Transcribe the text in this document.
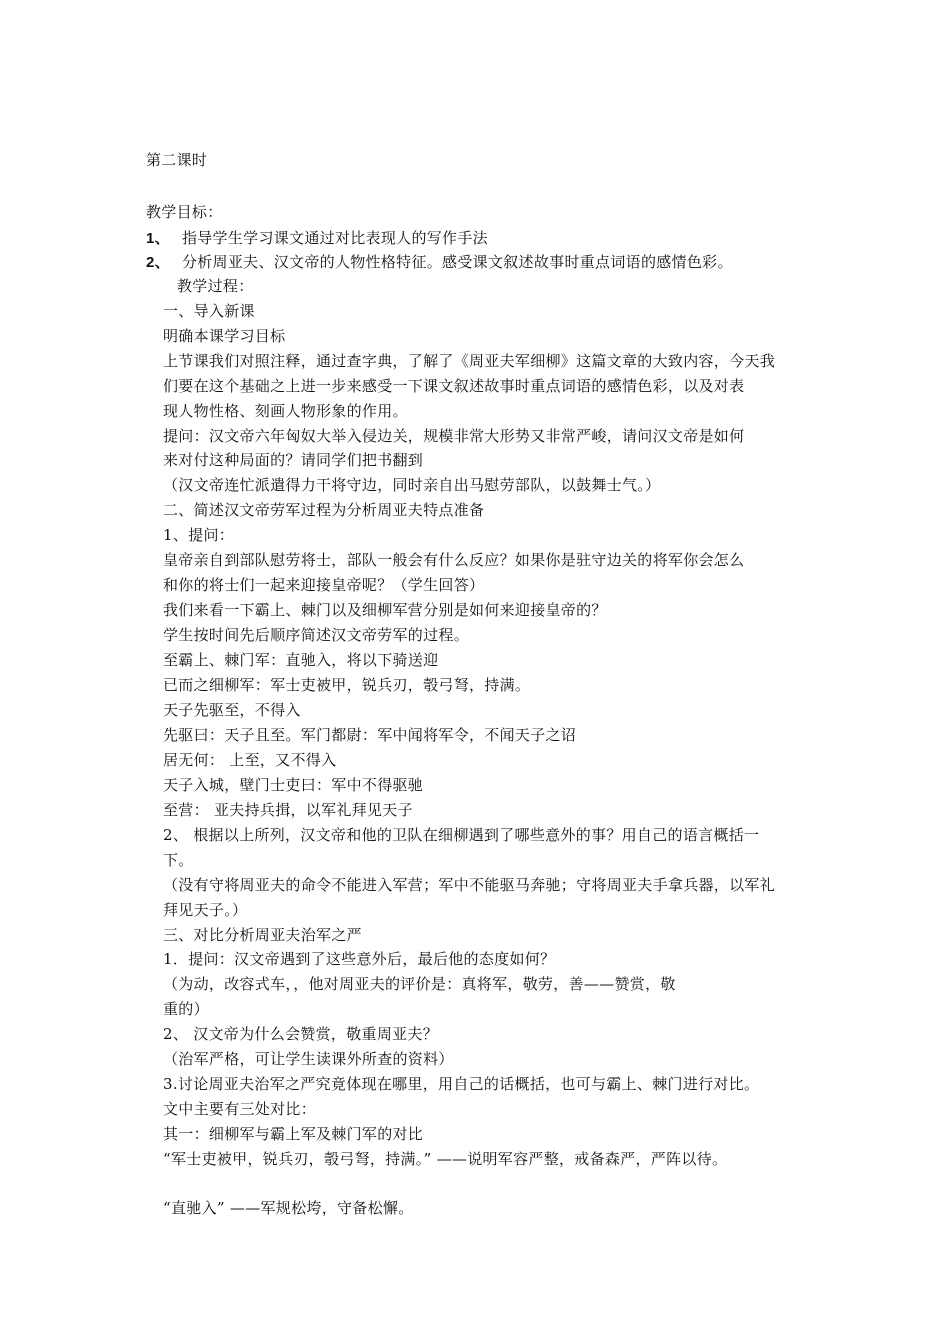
第二课时
教学目标：
1、 指导学生学习课文通过对比表现人的写作手法
2、 分析周亚夫、汉文帝的人物性格特征。感受课文叙述故事时重点词语的感情色彩。
教学过程：
一、导入新课
明确本课学习目标
上节课我们对照注释，通过查字典，了解了《周亚夫军细柳》这篇文章的大致内容，今天我
们要在这个基础之上进一步来感受一下课文叙述故事时重点词语的感情色彩，以及对表
现人物性格、刻画人物形象的作用。
提问：汉文帝六年匈奴大举入侵边关，规模非常大形势又非常严峻，请问汉文帝是如何
来对付这种局面的？请同学们把书翻到
（汉文帝连忙派遣得力干将守边，同时亲自出马慰劳部队，以鼓舞士气。）
二、简述汉文帝劳军过程为分析周亚夫特点准备
1、提问：
皇帝亲自到部队慰劳将士，部队一般会有什么反应？如果你是驻守边关的将军你会怎么
和你的将士们一起来迎接皇帝呢？（学生回答）
我们来看一下霸上、棘门以及细柳军营分别是如何来迎接皇帝的？
学生按时间先后顺序简述汉文帝劳军的过程。
至霸上、棘门军：直驰入，将以下骑送迎
已而之细柳军：军士吏被甲，锐兵刃，彀弓弩，持满。
天子先驱至，不得入
先驱曰：天子且至。军门都尉：军中闻将军令，不闻天子之诏
居无何： 上至，又不得入
天子入城，壁门士吏曰：军中不得驱驰
至营： 亚夫持兵揖，以军礼拜见天子
2、 根据以上所列，汉文帝和他的卫队在细柳遇到了哪些意外的事？用自己的语言概括一
下。
（没有守将周亚夫的命令不能进入军营；军中不能驱马奔驰；守将周亚夫手拿兵器，以军礼
拜见天子。）
三、对比分析周亚夫治军之严
1．提问：汉文帝遇到了这些意外后，最后他的态度如何？
（为动，改容式车，，他对周亚夫的评价是：真将军，敬劳，善——赞赏，敬
重的）
2、 汉文帝为什么会赞赏，敬重周亚夫？
（治军严格，可让学生读课外所查的资料）
3.讨论周亚夫治军之严究竟体现在哪里，用自己的话概括，也可与霸上、棘门进行对比。
文中主要有三处对比：
其一：细柳军与霸上军及棘门军的对比
“军士吏被甲，锐兵刃，彀弓弩，持满。” ——说明军容严整，戒备森严，严阵以待。
“直驰入” ——军规松垮，守备松懈。
